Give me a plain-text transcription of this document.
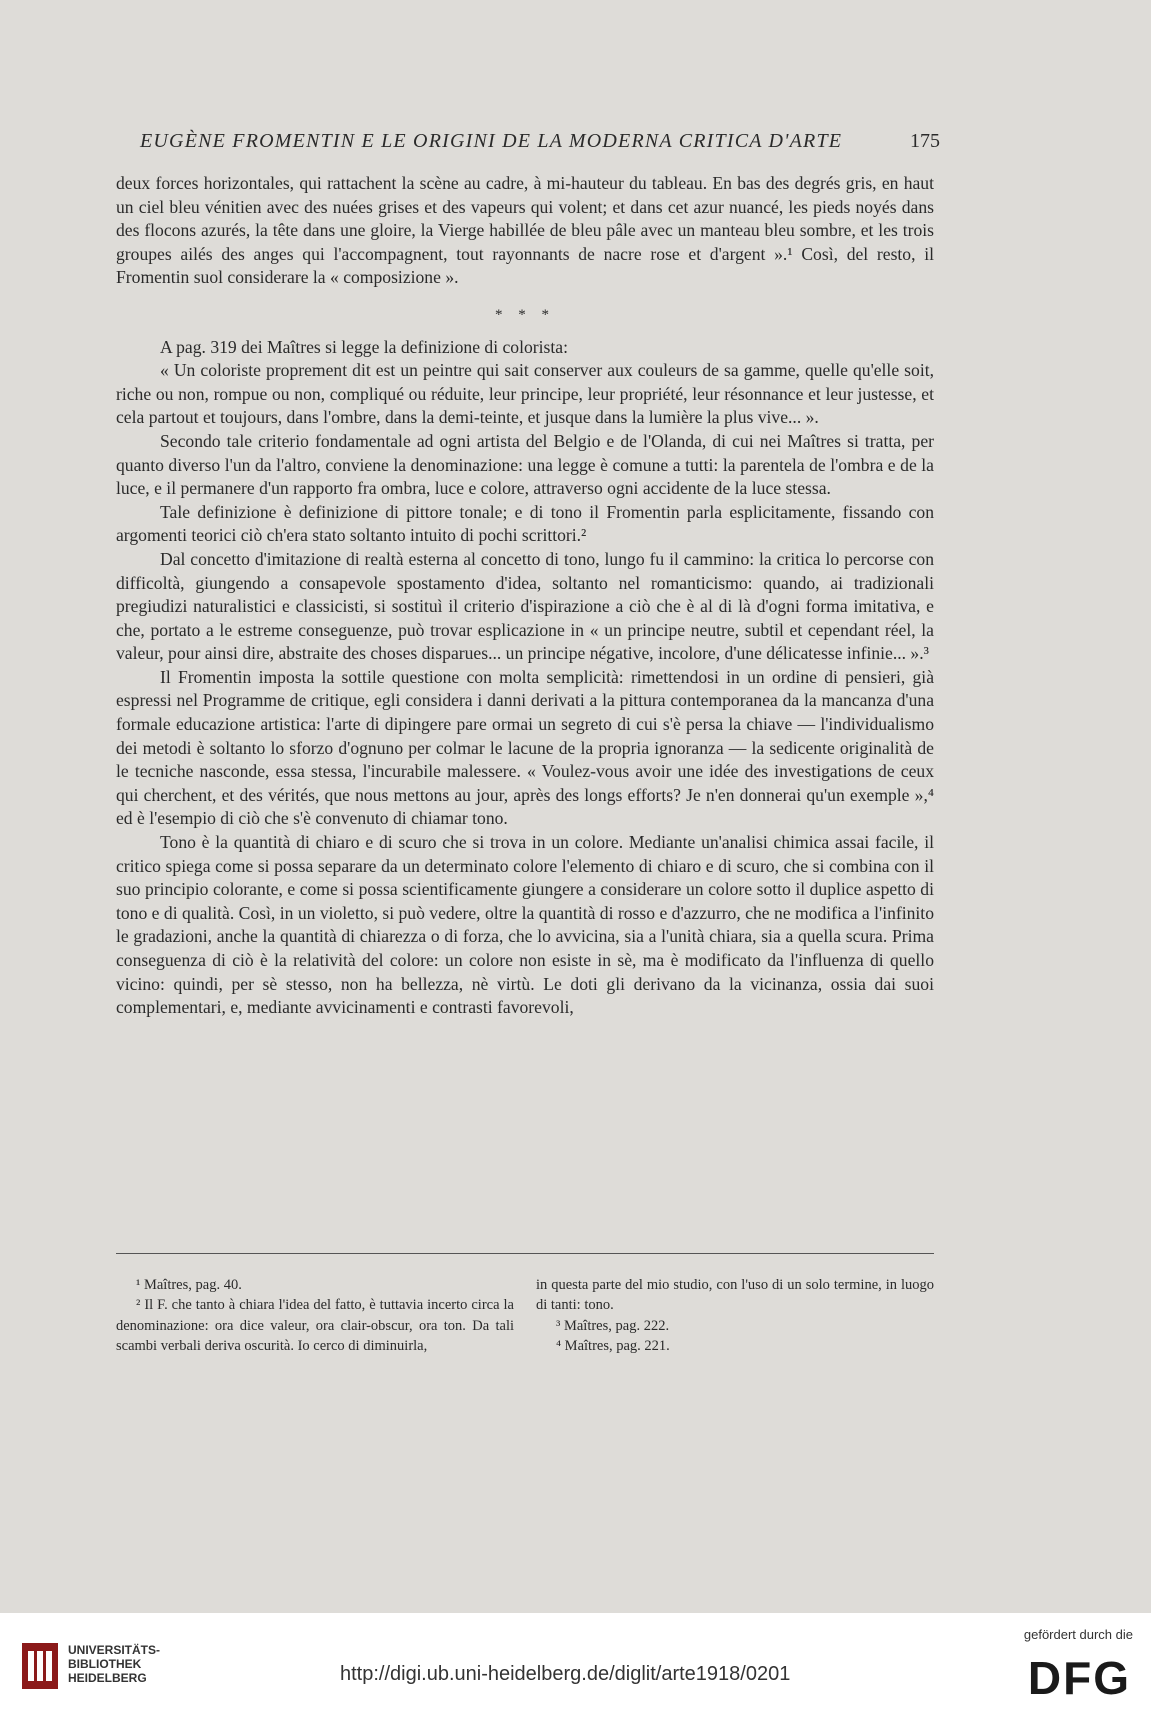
EUGÈNE FROMENTIN E LE ORIGINI DE LA MODERNA CRITICA D'ARTE	175

deux forces horizontales, qui rattachent la scène au cadre, à mi-hauteur du tableau. En bas des degrés gris, en haut un ciel bleu vénitien avec des nuées grises et des vapeurs qui volent; et dans cet azur nuancé, les pieds noyés dans des flocons azurés, la tête dans une gloire, la Vierge habillée de bleu pâle avec un manteau bleu sombre, et les trois groupes ailés des anges qui l'accompagnent, tout rayonnants de nacre rose et d'argent ».¹ Così, del resto, il Fromentin suol considerare la « composizione ».

* * *

A pag. 319 dei Maîtres si legge la definizione di colorista:

« Un coloriste proprement dit est un peintre qui sait conserver aux couleurs de sa gamme, quelle qu'elle soit, riche ou non, rompue ou non, compliqué ou réduite, leur principe, leur propriété, leur résonnance et leur justesse, et cela partout et toujours, dans l'ombre, dans la demi-teinte, et jusque dans la lumière la plus vive... ».

Secondo tale criterio fondamentale ad ogni artista del Belgio e de l'Olanda, di cui nei Maîtres si tratta, per quanto diverso l'un da l'altro, conviene la denominazione: una legge è comune a tutti: la parentela de l'ombra e de la luce, e il permanere d'un rapporto fra ombra, luce e colore, attraverso ogni accidente de la luce stessa.

Tale definizione è definizione di pittore tonale; e di tono il Fromentin parla esplicitamente, fissando con argomenti teorici ciò ch'era stato soltanto intuito di pochi scrittori.²

Dal concetto d'imitazione di realtà esterna al concetto di tono, lungo fu il cammino: la critica lo percorse con difficoltà, giungendo a consapevole spostamento d'idea, soltanto nel romanticismo: quando, ai tradizionali pregiudizi naturalistici e classicisti, si sostituì il criterio d'ispirazione a ciò che è al di là d'ogni forma imitativa, e che, portato a le estreme conseguenze, può trovar esplicazione in « un principe neutre, subtil et cependant réel, la valeur, pour ainsi dire, abstraite des choses disparues... un principe négative, incolore, d'une délicatesse infinie... ».³

Il Fromentin imposta la sottile questione con molta semplicità: rimettendosi in un ordine di pensieri, già espressi nel Programme de critique, egli considera i danni derivati a la pittura contemporanea da la mancanza d'una formale educazione artistica: l'arte di dipingere pare ormai un segreto di cui s'è persa la chiave — l'individualismo dei metodi è soltanto lo sforzo d'ognuno per colmar le lacune de la propria ignoranza — la sedicente originalità de le tecniche nasconde, essa stessa, l'incurabile malessere. « Voulez-vous avoir une idée des investigations de ceux qui cherchent, et des vérités, que nous mettons au jour, après des longs efforts? Je n'en donnerai qu'un exemple »,⁴ ed è l'esempio di ciò che s'è convenuto di chiamar tono.

Tono è la quantità di chiaro e di scuro che si trova in un colore. Mediante un'analisi chimica assai facile, il critico spiega come si possa separare da un determinato colore l'elemento di chiaro e di scuro, che si combina con il suo principio colorante, e come si possa scientificamente giungere a considerare un colore sotto il duplice aspetto di tono e di qualità. Così, in un violetto, si può vedere, oltre la quantità di rosso e d'azzurro, che ne modifica a l'infinito le gradazioni, anche la quantità di chiarezza o di forza, che lo avvicina, sia a l'unità chiara, sia a quella scura. Prima conseguenza di ciò è la relatività del colore: un colore non esiste in sè, ma è modificato da l'influenza di quello vicino: quindi, per sè stesso, non ha bellezza, nè virtù. Le doti gli derivano da la vicinanza, ossia dai suoi complementari, e, mediante avvicinamenti e contrasti favorevoli,

¹ Maîtres, pag. 40.

² Il F. che tanto à chiara l'idea del fatto, è tuttavia incerto circa la denominazione: ora dice valeur, ora clair-obscur, ora ton. Da tali scambi verbali deriva oscurità. Io cerco di diminuirla,

in questa parte del mio studio, con l'uso di un solo termine, in luogo di tanti: tono.

³ Maîtres, pag. 222.

⁴ Maîtres, pag. 221.

UNIVERSITÄTS-
BIBLIOTHEK
HEIDELBERG	http://digi.ub.uni-heidelberg.de/diglit/arte1918/0201
gefördert durch die
DFG
